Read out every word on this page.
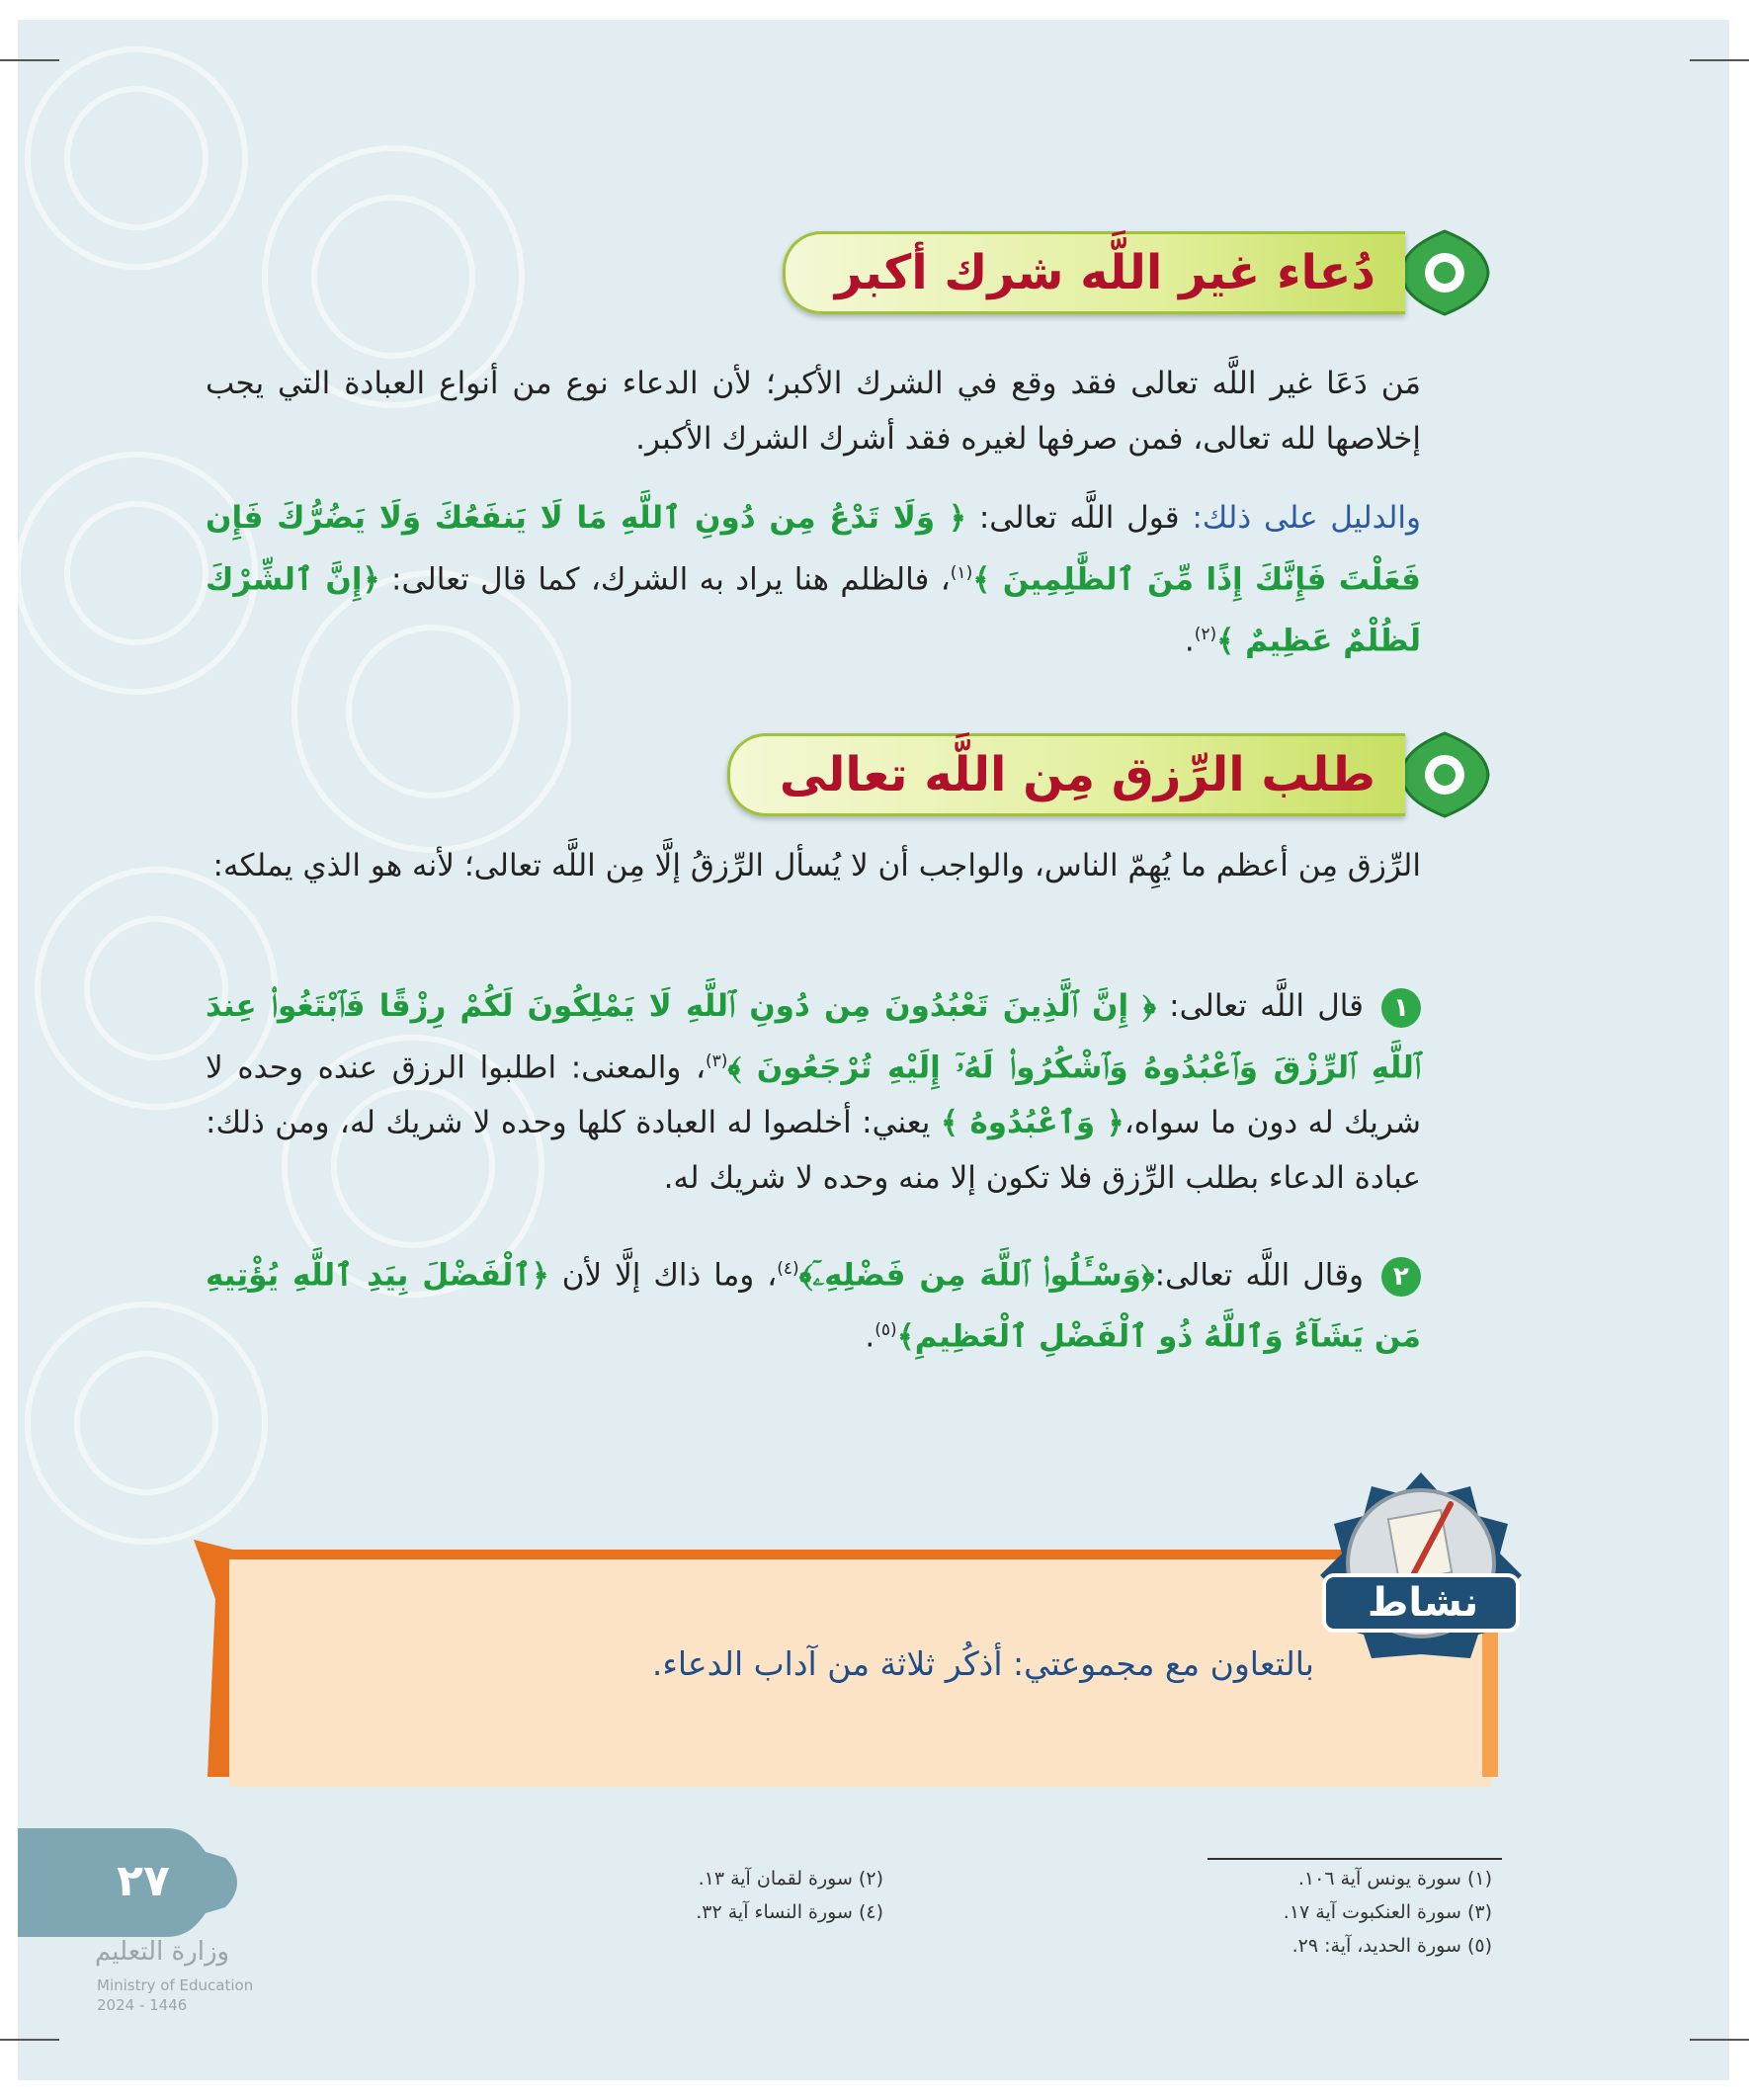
دُعاء غير اللَّه شرك أكبر
مَن دَعَا غير اللَّه تعالى فقد وقع في الشرك الأكبر؛ لأن الدعاء نوع من أنواع العبادة التي يجب إخلاصها لله تعالى، فمن صرفها لغيره فقد أشرك الشرك الأكبر.
والدليل على ذلك: قول اللَّه تعالى: ﴿ وَلَا تَدْعُ مِن دُونِ ٱللَّهِ مَا لَا يَنفَعُكَ وَلَا يَضُرُّكَ فَإِن فَعَلْتَ فَإِنَّكَ إِذًا مِّنَ ٱلظَّٰلِمِينَ ﴾$^{(١)}$، فالظلم هنا يراد به الشرك، كما قال تعالى: ﴿إِنَّ ٱلشِّرْكَ لَظُلْمٌ عَظِيمٌ ﴾$^{(٢)}$.
طلب الرِّزق مِن اللَّه تعالى
الرِّزق مِن أعظم ما يُهِمّ الناس، والواجب أن لا يُسأل الرِّزقُ إلَّا مِن اللَّه تعالى؛ لأنه هو الذي يملكه:
١قال اللَّه تعالى: ﴿ إِنَّ ٱلَّذِينَ تَعْبُدُونَ مِن دُونِ ٱللَّهِ لَا يَمْلِكُونَ لَكُمْ رِزْقًا فَٱبْتَغُوا۟ عِندَ ٱللَّهِ ٱلرِّزْقَ وَٱعْبُدُوهُ وَٱشْكُرُوا۟ لَهُۥٓ إِلَيْهِ تُرْجَعُونَ ﴾$^{(٣)}$، والمعنى: اطلبوا الرزق عنده وحده لا شريك له دون ما سواه،﴿ وَٱعْبُدُوهُ ﴾ يعني: أخلصوا له العبادة كلها وحده لا شريك له، ومن ذلك: عبادة الدعاء بطلب الرِّزق فلا تكون إلا منه وحده لا شريك له.
٢وقال اللَّه تعالى:﴿وَسْـَٔلُوا۟ ٱللَّهَ مِن فَضْلِهِۦٓ﴾$^{(٤)}$، وما ذاك إلَّا لأن ﴿ٱلْفَضْلَ بِيَدِ ٱللَّهِ يُؤْتِيهِ مَن يَشَآءُ وَٱللَّهُ ذُو ٱلْفَضْلِ ٱلْعَظِيمِ﴾$^{(٥)}$.
نشاط
بالتعاون مع مجموعتي: أذكُر ثلاثة من آداب الدعاء.
(١) سورة يونس آية ١٠٦.
(٣) سورة العنكبوت آية ١٧.
(٥) سورة الحديد، آية: ٢٩.
(٢) سورة لقمان آية ١٣.
(٤) سورة النساء آية ٣٢.
٢٧
وزارة التعليم
Ministry of Education
2024 - 1446
